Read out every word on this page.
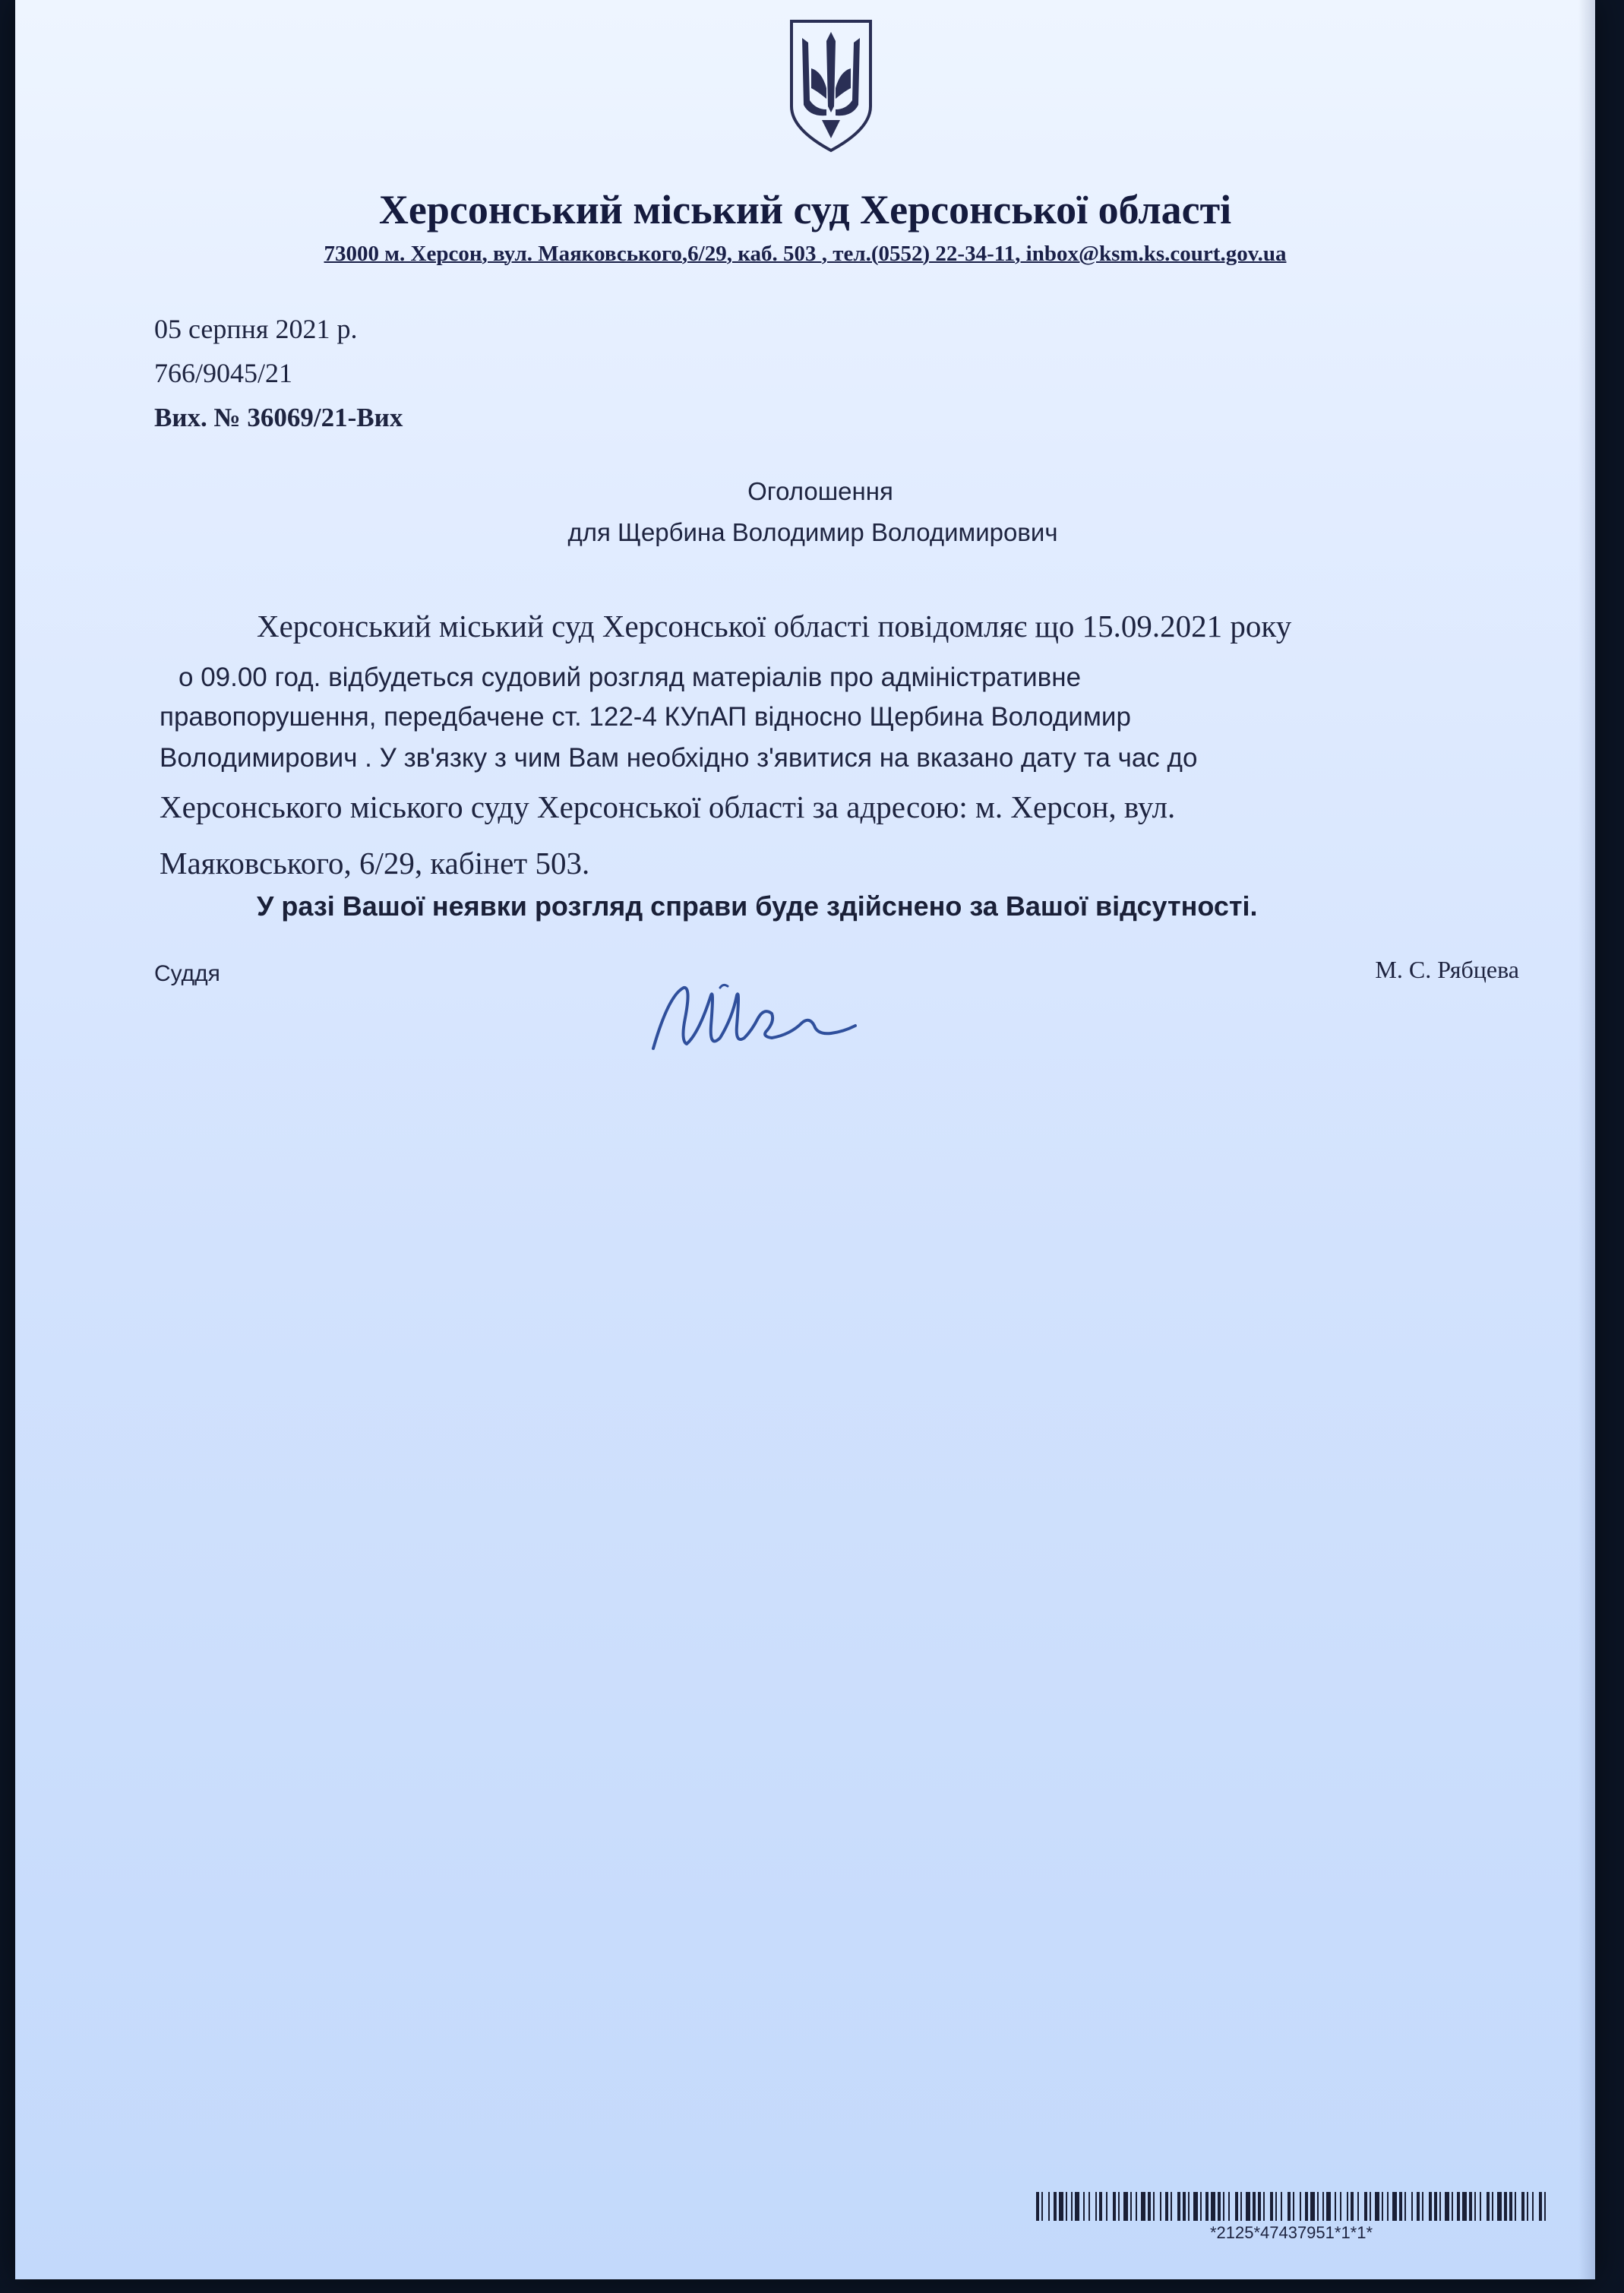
Херсонський міський суд Херсонської області
73000 м. Херсон, вул. Маяковського,6/29, каб. 503 , тел.(0552) 22-34-11, inbox@ksm.ks.court.gov.ua
05 серпня 2021 р.
766/9045/21
Вих. № 36069/21-Вих
Оголошення
для Щербина Володимир Володимирович
Херсонський міський суд Херсонської області повідомляє що 15.09.2021 року
о 09.00 год. відбудеться судовий розгляд матеріалів про адміністративне
правопорушення, передбачене ст. 122-4 КУпАП відносно Щербина Володимир
Володимирович . У зв'язку з чим Вам необхідно з'явитися на вказано дату та час до
Херсонського міського суду Херсонської області за адресою: м. Херсон, вул.
Маяковського, 6/29, кабінет 503.
У разі Вашої неявки розгляд справи буде здійснено за Вашої відсутності.
Суддя	М. С. Рябцева
*2125*47437951*1*1*
